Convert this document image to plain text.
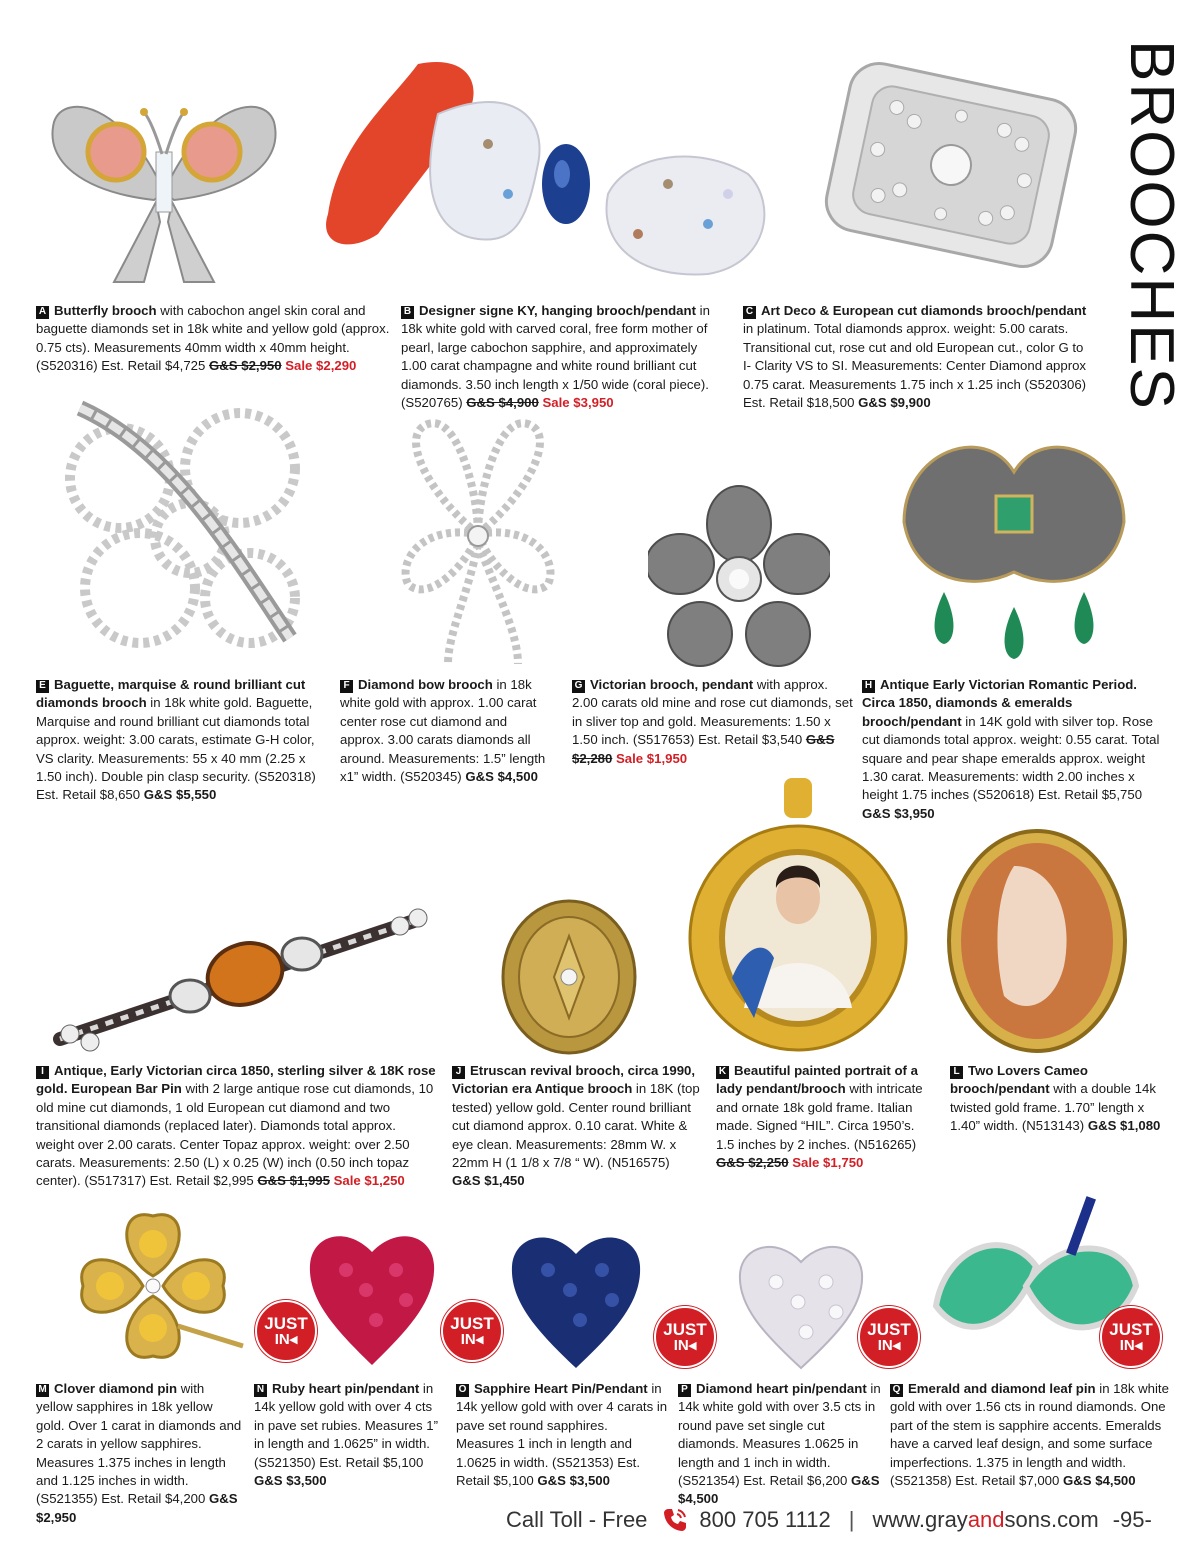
BROOCHES
A Butterfly brooch with cabochon angel skin coral and baguette diamonds set in 18k white and yellow gold (approx. 0.75 cts). Measurements 40mm width x 40mm height. (S520316) Est. Retail $4,725 G&S $2,950 Sale $2,290
B Designer signe KY, hanging brooch/pendant in 18k white gold with carved coral, free form mother of pearl, large cabochon sapphire, and approximately 1.00 carat champagne and white round brilliant cut diamonds. 3.50 inch length x 1/50 wide (coral piece). (S520765) G&S $4,900 Sale $3,950
C Art Deco & European cut diamonds brooch/pendant in platinum. Total diamonds approx. weight: 5.00 carats. Transitional cut, rose cut and old European cut., color G to I- Clarity VS to SI. Measurements: Center Diamond approx 0.75 carat. Measurements 1.75 inch x 1.25 inch (S520306) Est. Retail $18,500 G&S $9,900
E Baguette, marquise & round brilliant cut diamonds brooch in 18k white gold. Baguette, Marquise and round brilliant cut diamonds total approx. weight: 3.00 carats, estimate G-H color, VS clarity. Measurements: 55 x 40 mm (2.25 x 1.50 inch). Double pin clasp security. (S520318) Est. Retail $8,650 G&S $5,550
F Diamond bow brooch in 18k white gold with approx. 1.00 carat center rose cut diamond and approx. 3.00 carats diamonds all around. Measurements: 1.5” length x1” width. (S520345) G&S $4,500
G Victorian brooch, pendant with approx. 2.00 carats old mine and rose cut diamonds, set in sliver top and gold. Measurements: 1.50 x 1.50 inch. (S517653) Est. Retail $3,540 G&S $2,280 Sale $1,950
H Antique Early Victorian Romantic Period. Circa 1850, diamonds & emeralds brooch/pendant in 14K gold with silver top. Rose cut diamonds total approx. weight: 0.55 carat. Total square and pear shape emeralds approx. weight 1.30 carat. Measurements: width 2.00 inches x height 1.75 inches (S520618) Est. Retail $5,750 G&S $3,950
I Antique, Early Victorian circa 1850, sterling silver & 18K rose gold. European Bar Pin with 2 large antique rose cut diamonds, 10 old mine cut diamonds, 1 old European cut diamond and two transitional diamonds (replaced later). Diamonds total approx. weight over 2.00 carats. Center Topaz approx. weight: over 2.50 carats. Measurements: 2.50 (L) x 0.25 (W) inch (0.50 inch topaz center). (S517317) Est. Retail $2,995 G&S $1,995 Sale $1,250
J Etruscan revival brooch, circa 1990, Victorian era Antique brooch in 18K (top tested) yellow gold. Center round brilliant cut diamond approx. 0.10 carat. White & eye clean. Measurements: 28mm W. x 22mm H (1 1/8 x 7/8 “ W). (N516575) G&S $1,450
K Beautiful painted portrait of a lady pendant/brooch with intricate and ornate 18k gold frame. Italian made. Signed “HIL”. Circa 1950’s. 1.5 inches by 2 inches. (N516265) G&S $2,250 Sale $1,750
L Two Lovers Cameo brooch/pendant with a double 14k twisted gold frame. 1.70” length x 1.40” width. (N513143) G&S $1,080
JUST
IN◂
JUST
IN◂
JUST
IN◂
JUST
IN◂
JUST
IN◂
M Clover diamond pin with yellow sapphires in 18k yellow gold. Over 1 carat in diamonds and 2 carats in yellow sapphires. Measures 1.375 inches in length and 1.125 inches in width. (S521355) Est. Retail $4,200 G&S $2,950
N Ruby heart pin/pendant in 14k yellow gold with over 4 cts in pave set rubies. Measures 1” in length and 1.0625” in width. (S521350) Est. Retail $5,100 G&S $3,500
O Sapphire Heart Pin/Pendant in 14k yellow gold with over 4 carats in pave set round sapphires. Measures 1 inch in length and 1.0625 in width. (S521353) Est. Retail $5,100 G&S $3,500
P Diamond heart pin/pendant in 14k white gold with over 3.5 cts in round pave set single cut diamonds. Measures 1.0625 in length and 1 inch in width. (S521354) Est. Retail $6,200 G&S $4,500
Q Emerald and diamond leaf pin in 18k white gold with over 1.56 cts in round diamonds. One part of the stem is sapphire accents. Emeralds have a carved leaf design, and some surface imperfections. 1.375 in length and width. (S521358) Est. Retail $7,000 G&S $4,500
Call Toll - Free 800 705 1112 | www.grayandsons.com -95-
